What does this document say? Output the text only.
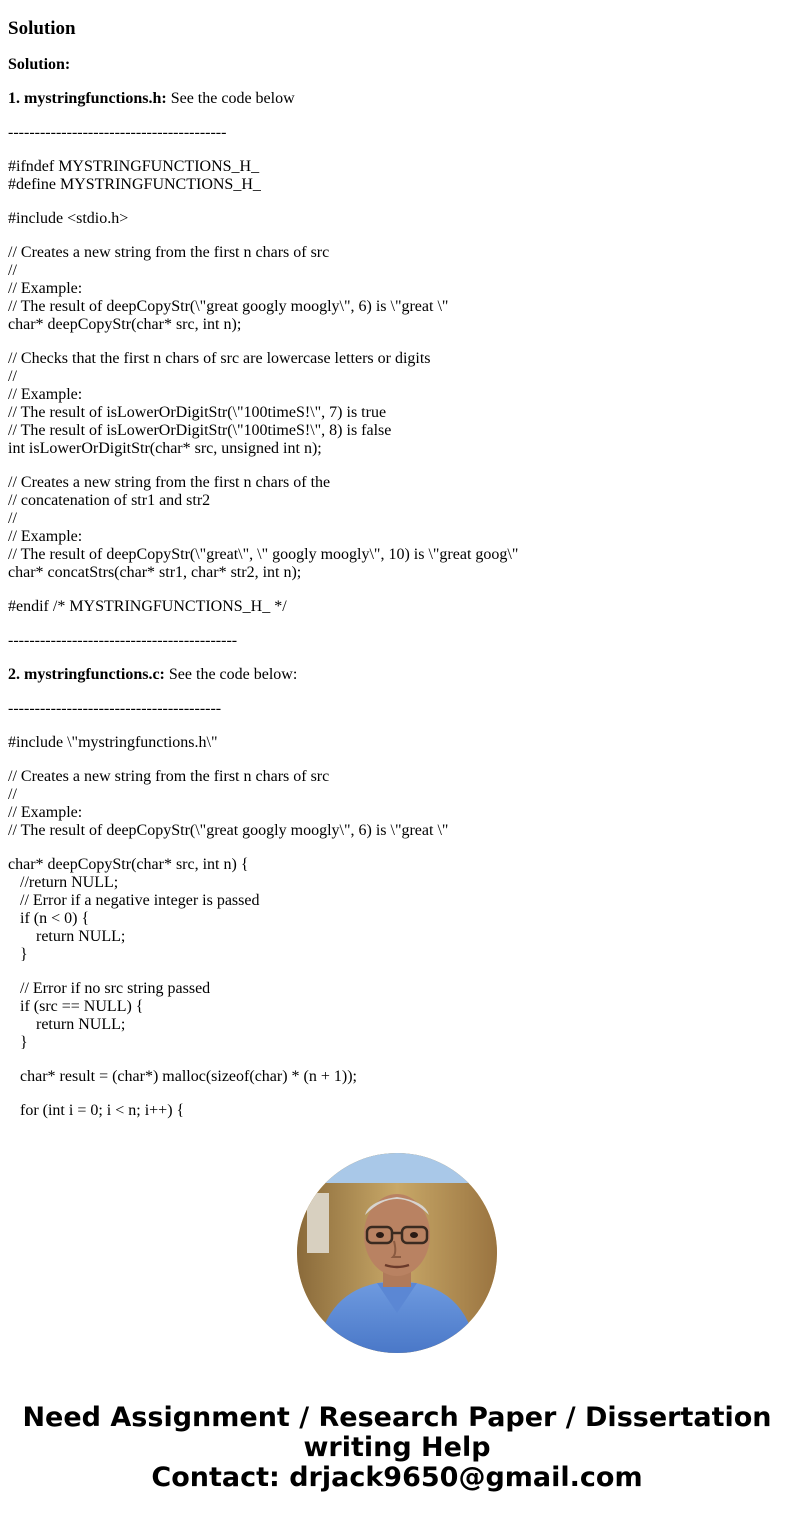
Solution

Solution:

1. mystringfunctions.h: See the code below

-----------------------------------------

#ifndef MYSTRINGFUNCTIONS_H_
#define MYSTRINGFUNCTIONS_H_
#include <stdio.h>
// Creates a new string from the first n chars of src
//
// Example:
// The result of deepCopyStr(\"great googly moogly\", 6) is \"great \"
char* deepCopyStr(char* src, int n);
// Checks that the first n chars of src are lowercase letters or digits
//
// Example:
// The result of isLowerOrDigitStr(\"100timeS!\", 7) is true
// The result of isLowerOrDigitStr(\"100timeS!\", 8) is false
int isLowerOrDigitStr(char* src, unsigned int n);
// Creates a new string from the first n chars of the
// concatenation of str1 and str2
//
// Example:
// The result of deepCopyStr(\"great\", \" googly moogly\", 10) is \"great goog\"
char* concatStrs(char* str1, char* str2, int n);
#endif /* MYSTRINGFUNCTIONS_H_ */

-------------------------------------------

2. mystringfunctions.c: See the code below:

----------------------------------------

#include \"mystringfunctions.h\"
// Creates a new string from the first n chars of src
//
// Example:
// The result of deepCopyStr(\"great googly moogly\", 6) is \"great \"
char* deepCopyStr(char* src, int n) {
//return NULL;
// Error if a negative integer is passed
if (n < 0) {
return NULL;
}
// Error if no src string passed
if (src == NULL) {
return NULL;
}
char* result = (char*) malloc(sizeof(char) * (n + 1));
for (int i = 0; i < n; i++) {
Need Assignment / Research Paper / Dissertation
writing Help
Contact: drjack9650@gmail.com
